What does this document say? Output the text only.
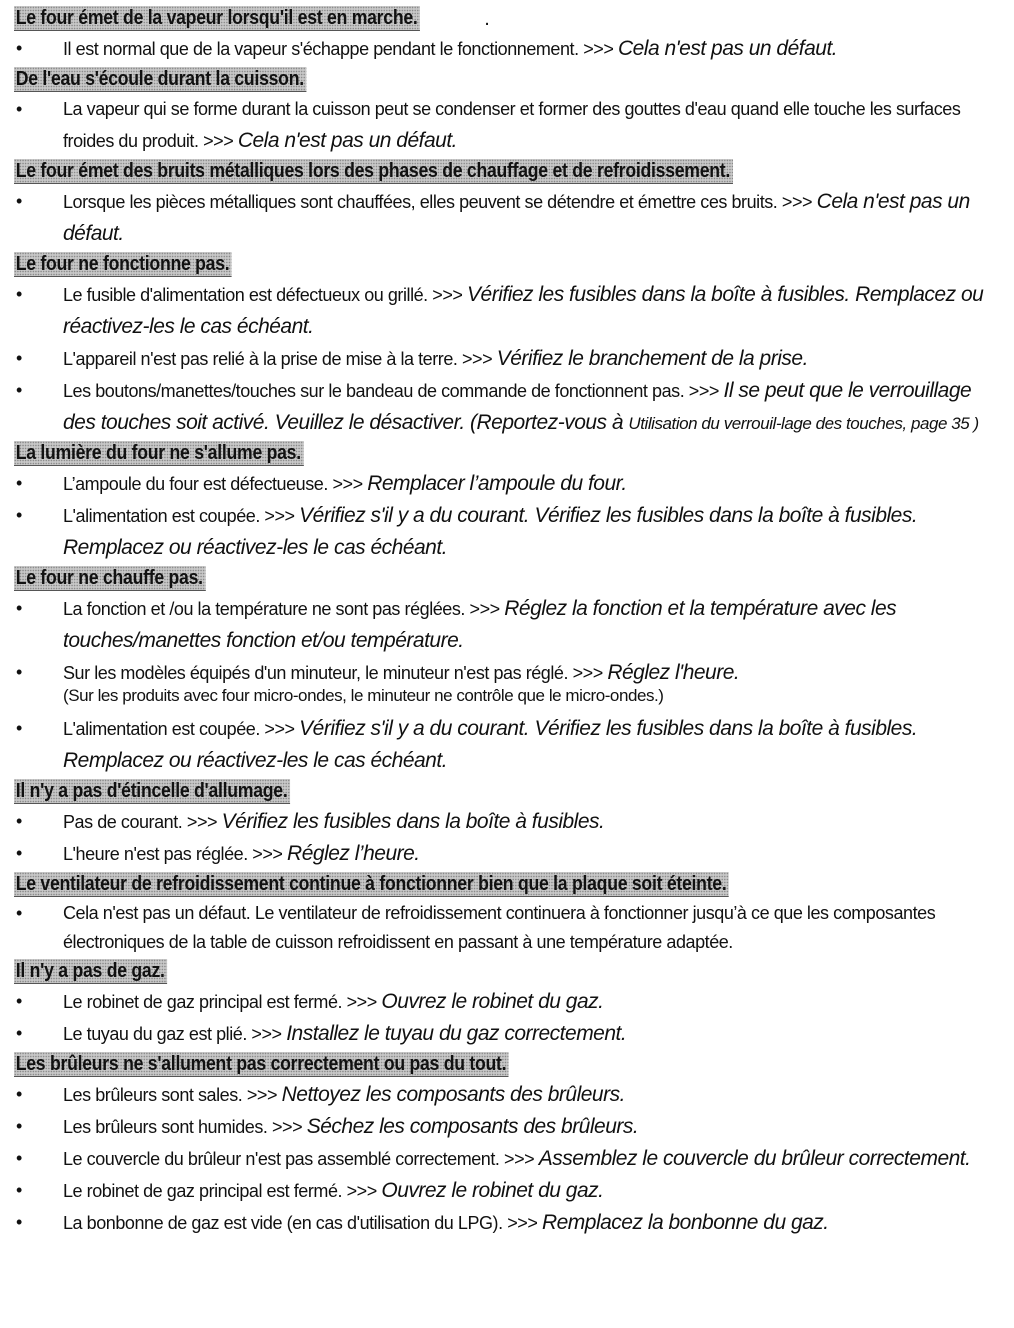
Le four émet de la vapeur lorsqu'il est en marche.	.
• Il est normal que de la vapeur s'échappe pendant le fonctionnement. >>> Cela n'est pas un défaut.
De l'eau s'écoule durant la cuisson.
• La vapeur qui se forme durant la cuisson peut se condenser et former des gouttes d'eau quand elle touche les surfaces froides du produit. >>> Cela n'est pas un défaut.
Le four émet des bruits métalliques lors des phases de chauffage et de refroidissement.
• Lorsque les pièces métalliques sont chauffées, elles peuvent se détendre et émettre ces bruits. >>> Cela n'est pas un défaut.
Le four ne fonctionne pas.
• Le fusible d'alimentation est défectueux ou grillé. >>> Vérifiez les fusibles dans la boîte à fusibles. Remplacez ou réactivez-les le cas échéant.
• L'appareil n'est pas relié à la prise de mise à la terre. >>> Vérifiez le branchement de la prise.
• Les boutons/manettes/touches sur le bandeau de commande de fonctionnent pas. >>> Il se peut que le verrouillage des touches soit activé. Veuillez le désactiver. (Reportez-vous à Utilisation du verrouil-lage des touches, page 35 )
La lumière du four ne s'allume pas.
• L’ampoule du four est défectueuse. >>> Remplacer l’ampoule du four.
• L'alimentation est coupée. >>> Vérifiez s'il y a du courant. Vérifiez les fusibles dans la boîte à fusibles. Remplacez ou réactivez-les le cas échéant.
Le four ne chauffe pas.
• La fonction et /ou la température ne sont pas réglées. >>> Réglez la fonction et la température avec les touches/manettes fonction et/ou température.
• Sur les modèles équipés d'un minuteur, le minuteur n'est pas réglé. >>> Réglez l'heure.
(Sur les produits avec four micro-ondes, le minuteur ne contrôle que le micro-ondes.)
• L'alimentation est coupée. >>> Vérifiez s'il y a du courant. Vérifiez les fusibles dans la boîte à fusibles. Remplacez ou réactivez-les le cas échéant.
Il n'y a pas d'étincelle d'allumage.
• Pas de courant. >>> Vérifiez les fusibles dans la boîte à fusibles.
• L'heure n'est pas réglée. >>> Réglez l’heure.
Le ventilateur de refroidissement continue à fonctionner bien que la plaque soit éteinte.
• Cela n'est pas un défaut. Le ventilateur de refroidissement continuera à fonctionner jusqu’à ce que les composantes électroniques de la table de cuisson refroidissent en passant à une température adaptée.
Il n'y a pas de gaz.
• Le robinet de gaz principal est fermé. >>> Ouvrez le robinet du gaz.
• Le tuyau du gaz est plié. >>> Installez le tuyau du gaz correctement.
Les brûleurs ne s'allument pas correctement ou pas du tout.
• Les brûleurs sont sales. >>> Nettoyez les composants des brûleurs.
• Les brûleurs sont humides. >>> Séchez les composants des brûleurs.
• Le couvercle du brûleur n'est pas assemblé correctement. >>> Assemblez le couvercle du brûleur correctement.
• Le robinet de gaz principal est fermé. >>> Ouvrez le robinet du gaz.
• La bonbonne de gaz est vide (en cas d'utilisation du LPG). >>> Remplacez la bonbonne du gaz.
